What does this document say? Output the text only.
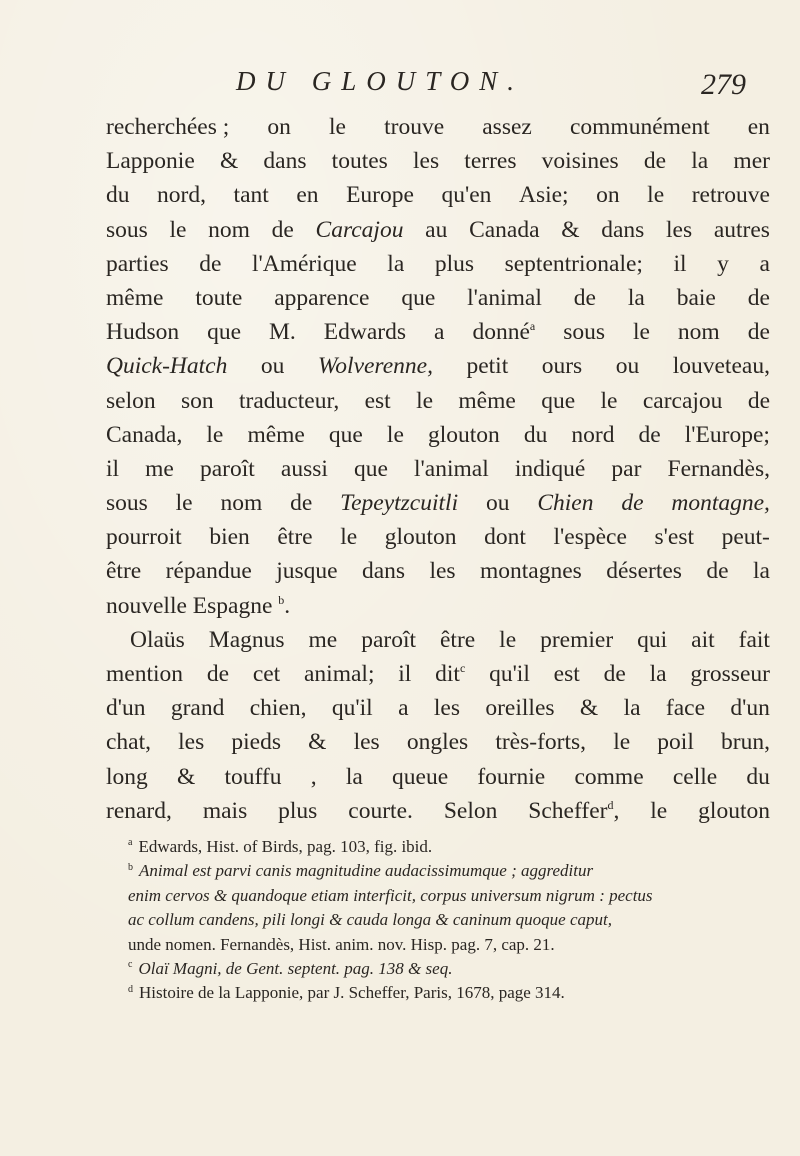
DU GLOUTON.	279
recherchées ; on le trouve assez communément en
Lapponie & dans toutes les terres voisines de la mer
du nord, tant en Europe qu'en Asie; on le retrouve
sous le nom de Carcajou au Canada & dans les autres
parties de l'Amérique la plus septentrionale; il y a
même toute apparence que l'animal de la baie de
Hudson que M. Edwards a donnéa sous le nom de
Quick-Hatch ou Wolverenne, petit ours ou louveteau,
selon son traducteur, est le même que le carcajou de
Canada, le même que le glouton du nord de l'Europe;
il me paroît aussi que l'animal indiqué par Fernandès,
sous le nom de Tepeytzcuitli ou Chien de montagne,
pourroit bien être le glouton dont l'espèce s'est peut-
être répandue jusque dans les montagnes désertes de la
nouvelle
Espagne b.
Olaüs Magnus me paroît être le premier qui ait fait
mention de cet animal; il ditc qu'il est de la grosseur
d'un grand chien, qu'il a les oreilles & la face d'un
chat, les pieds & les ongles très-forts, le poil brun,
long & touffu , la queue fournie comme celle du
renard, mais plus courte. Selon Schefferd, le glouton
$^a$ Edwards, Hist. of Birds, pag. 103, fig. ibid.
$^b$ Animal est parvi canis magnitudine audacissimumque ; aggreditur
enim cervos & quandoque etiam interficit, corpus universum nigrum : pectus
ac collum candens, pili longi & cauda longa & caninum quoque caput,
unde nomen. Fernandès, Hist. anim. nov. Hisp. pag. 7, cap. 21.
$^c$ Olaï Magni, de Gent. septent. pag. 138 & seq.
$^d$ Histoire de la Lapponie, par J. Scheffer, Paris, 1678, page 314.
